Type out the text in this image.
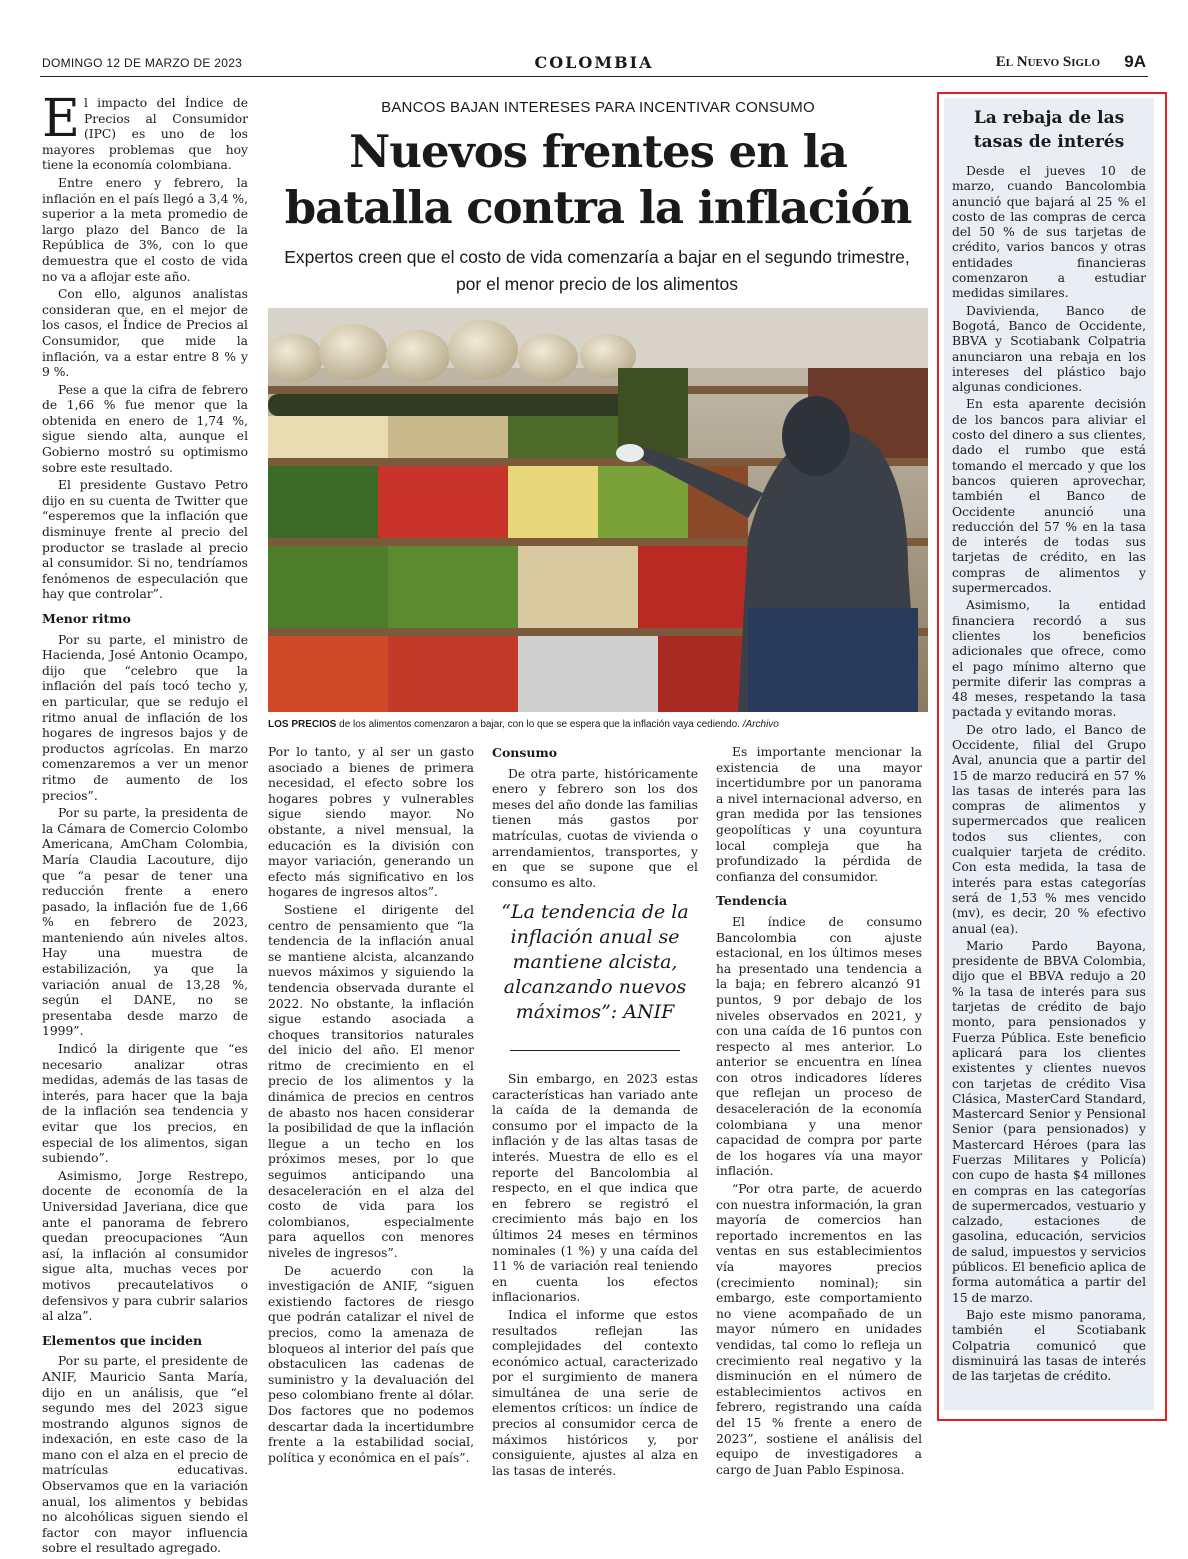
DOMINGO 12 DE MARZO DE 2023	COLOMBIA	El Nuevo Siglo 9A
E l impacto del Índice de Precios al Consumidor (IPC) es uno de los mayores problemas que hoy tiene la economía colombiana.

Entre enero y febrero, la inflación en el país llegó a 3,4 %, superior a la meta promedio de largo plazo del Banco de la República de 3%, con lo que demuestra que el costo de vida no va a aflojar este año.

Con ello, algunos analistas consideran que, en el mejor de los casos, el Índice de Precios al Consumidor, que mide la inflación, va a estar entre 8 % y 9 %.

Pese a que la cifra de febrero de 1,66 % fue menor que la obtenida en enero de 1,74 %, sigue siendo alta, aunque el Gobierno mostró su optimismo sobre este resultado.

El presidente Gustavo Petro dijo en su cuenta de Twitter que “esperemos que la inflación que disminuye frente al precio del productor se traslade al precio al consumidor. Si no, tendríamos fenómenos de especulación que hay que controlar”.

Menor ritmo

Por su parte, el ministro de Hacienda, José Antonio Ocampo, dijo que “celebro que la inflación del país tocó techo y, en particular, que se redujo el ritmo anual de inflación de los hogares de ingresos bajos y de productos agrícolas. En marzo comenzaremos a ver un menor ritmo de aumento de los precios”.

Por su parte, la presidenta de la Cámara de Comercio Colombo Americana, AmCham Colombia, María Claudia Lacouture, dijo que “a pesar de tener una reducción frente a enero pasado, la inflación fue de 1,66 % en febrero de 2023, manteniendo aún niveles altos. Hay una muestra de estabilización, ya que la variación anual de 13,28 %, según el DANE, no se presentaba desde marzo de 1999”.

Indicó la dirigente que “es necesario analizar otras medidas, además de las tasas de interés, para hacer que la baja de la inflación sea tendencia y evitar que los precios, en especial de los alimentos, sigan subiendo”.

Asimismo, Jorge Restrepo, docente de economía de la Universidad Javeriana, dice que ante el panorama de febrero quedan preocupaciones “Aun así, la inflación al consumidor sigue alta, muchas veces por motivos precautelativos o defensivos y para cubrir salarios al alza”.

Elementos que inciden

Por su parte, el presidente de ANIF, Mauricio Santa María, dijo en un análisis, que “el segundo mes del 2023 sigue mostrando algunos signos de indexación, en este caso de la mano con el alza en el precio de matrículas educativas. Observamos que en la variación anual, los alimentos y bebidas no alcohólicas siguen siendo el factor con mayor influencia sobre el resultado agregado.

BANCOS BAJAN INTERESES PARA INCENTIVAR CONSUMO
Nuevos frentes en la batalla contra la inflación

Expertos creen que el costo de vida comenzaría a bajar en el segundo trimestre, por el menor precio de los alimentos

LOS PRECIOS de los alimentos comenzaron a bajar, con lo que se espera que la inflación vaya cediendo. /Archivo

Por lo tanto, y al ser un gasto asociado a bienes de primera necesidad, el efecto sobre los hogares pobres y vulnerables sigue siendo mayor. No obstante, a nivel mensual, la educación es la división con mayor variación, generando un efecto más significativo en los hogares de ingresos altos”.

Sostiene el dirigente del centro de pensamiento que “la tendencia de la inflación anual se mantiene alcista, alcanzando nuevos máximos y siguiendo la tendencia observada durante el 2022. No obstante, la inflación sigue estando asociada a choques transitorios naturales del inicio del año. El menor ritmo de crecimiento en el precio de los alimentos y la dinámica de precios en centros de abasto nos hacen considerar la posibilidad de que la inflación llegue a un techo en los próximos meses, por lo que seguimos anticipando una desaceleración en el alza del costo de vida para los colombianos, especialmente para aquellos con menores niveles de ingresos”.

De acuerdo con la investigación de ANIF, “siguen existiendo factores de riesgo que podrán catalizar el nivel de precios, como la amenaza de bloqueos al interior del país que obstaculicen las cadenas de suministro y la devaluación del peso colombiano frente al dólar. Dos factores que no podemos descartar dada la incertidumbre frente a la estabilidad social, política y económica en el país”.

Consumo

De otra parte, históricamente enero y febrero son los dos meses del año donde las familias tienen más gastos por matrículas, cuotas de vivienda o arrendamientos, transportes, y en que se supone que el consumo es alto.

“La tendencia de la inflación anual se mantiene alcista, alcanzando nuevos máximos”: ANIF

Sin embargo, en 2023 estas características han variado ante la caída de la demanda de consumo por el impacto de la inflación y de las altas tasas de interés. Muestra de ello es el reporte del Bancolombia al respecto, en el que indica que en febrero se registró el crecimiento más bajo en los últimos 24 meses en términos nominales (1 %) y una caída del 11 % de variación real teniendo en cuenta los efectos inflacionarios.

Indica el informe que estos resultados reflejan las complejidades del contexto económico actual, caracterizado por el surgimiento de manera simultánea de una serie de elementos críticos: un índice de precios al consumidor cerca de máximos históricos y, por consiguiente, ajustes al alza en las tasas de interés.

Es importante mencionar la existencia de una mayor incertidumbre por un panorama a nivel internacional adverso, en gran medida por las tensiones geopolíticas y una coyuntura local compleja que ha profundizado la pérdida de confianza del consumidor.

Tendencia

El índice de consumo Bancolombia con ajuste estacional, en los últimos meses ha presentado una tendencia a la baja; en febrero alcanzó 91 puntos, 9 por debajo de los niveles observados en 2021, y con una caída de 16 puntos con respecto al mes anterior. Lo anterior se encuentra en línea con otros indicadores líderes que reflejan un proceso de desaceleración de la economía colombiana y una menor capacidad de compra por parte de los hogares vía una mayor inflación.

“Por otra parte, de acuerdo con nuestra información, la gran mayoría de comercios han reportado incrementos en las ventas en sus establecimientos vía mayores precios (crecimiento nominal); sin embargo, este comportamiento no viene acompañado de un mayor número en unidades vendidas, tal como lo refleja un crecimiento real negativo y la disminución en el número de establecimientos activos en febrero, registrando una caída del 15 % frente a enero de 2023”, sostiene el análisis del equipo de investigadores a cargo de Juan Pablo Espinosa.

La rebaja de las tasas de interés

Desde el jueves 10 de marzo, cuando Bancolombia anunció que bajará al 25 % el costo de las compras de cerca del 50 % de sus tarjetas de crédito, varios bancos y otras entidades financieras comenzaron a estudiar medidas similares.

Davivienda, Banco de Bogotá, Banco de Occidente, BBVA y Scotiabank Colpatria anunciaron una rebaja en los intereses del plástico bajo algunas condiciones.

En esta aparente decisión de los bancos para aliviar el costo del dinero a sus clientes, dado el rumbo que está tomando el mercado y que los bancos quieren aprovechar, también el Banco de Occidente anunció una reducción del 57 % en la tasa de interés de todas sus tarjetas de crédito, en las compras de alimentos y supermercados.

Asimismo, la entidad financiera recordó a sus clientes los beneficios adicionales que ofrece, como el pago mínimo alterno que permite diferir las compras a 48 meses, respetando la tasa pactada y evitando moras.

De otro lado, el Banco de Occidente, filial del Grupo Aval, anuncia que a partir del 15 de marzo reducirá en 57 % las tasas de interés para las compras de alimentos y supermercados que realicen todos sus clientes, con cualquier tarjeta de crédito. Con esta medida, la tasa de interés para estas categorías será de 1,53 % mes vencido (mv), es decir, 20 % efectivo anual (ea).

Mario Pardo Bayona, presidente de BBVA Colombia, dijo que el BBVA redujo a 20 % la tasa de interés para sus tarjetas de crédito de bajo monto, para pensionados y Fuerza Pública. Este beneficio aplicará para los clientes existentes y clientes nuevos con tarjetas de crédito Visa Clásica, MasterCard Standard, Mastercard Senior y Pensional Senior (para pensionados) y Mastercard Héroes (para las Fuerzas Militares y Policía) con cupo de hasta $4 millones en compras en las categorías de supermercados, vestuario y calzado, estaciones de gasolina, educación, servicios de salud, impuestos y servicios públicos. El beneficio aplica de forma automática a partir del 15 de marzo.

Bajo este mismo panorama, también el Scotiabank Colpatria comunicó que disminuirá las tasas de interés de las tarjetas de crédito.
